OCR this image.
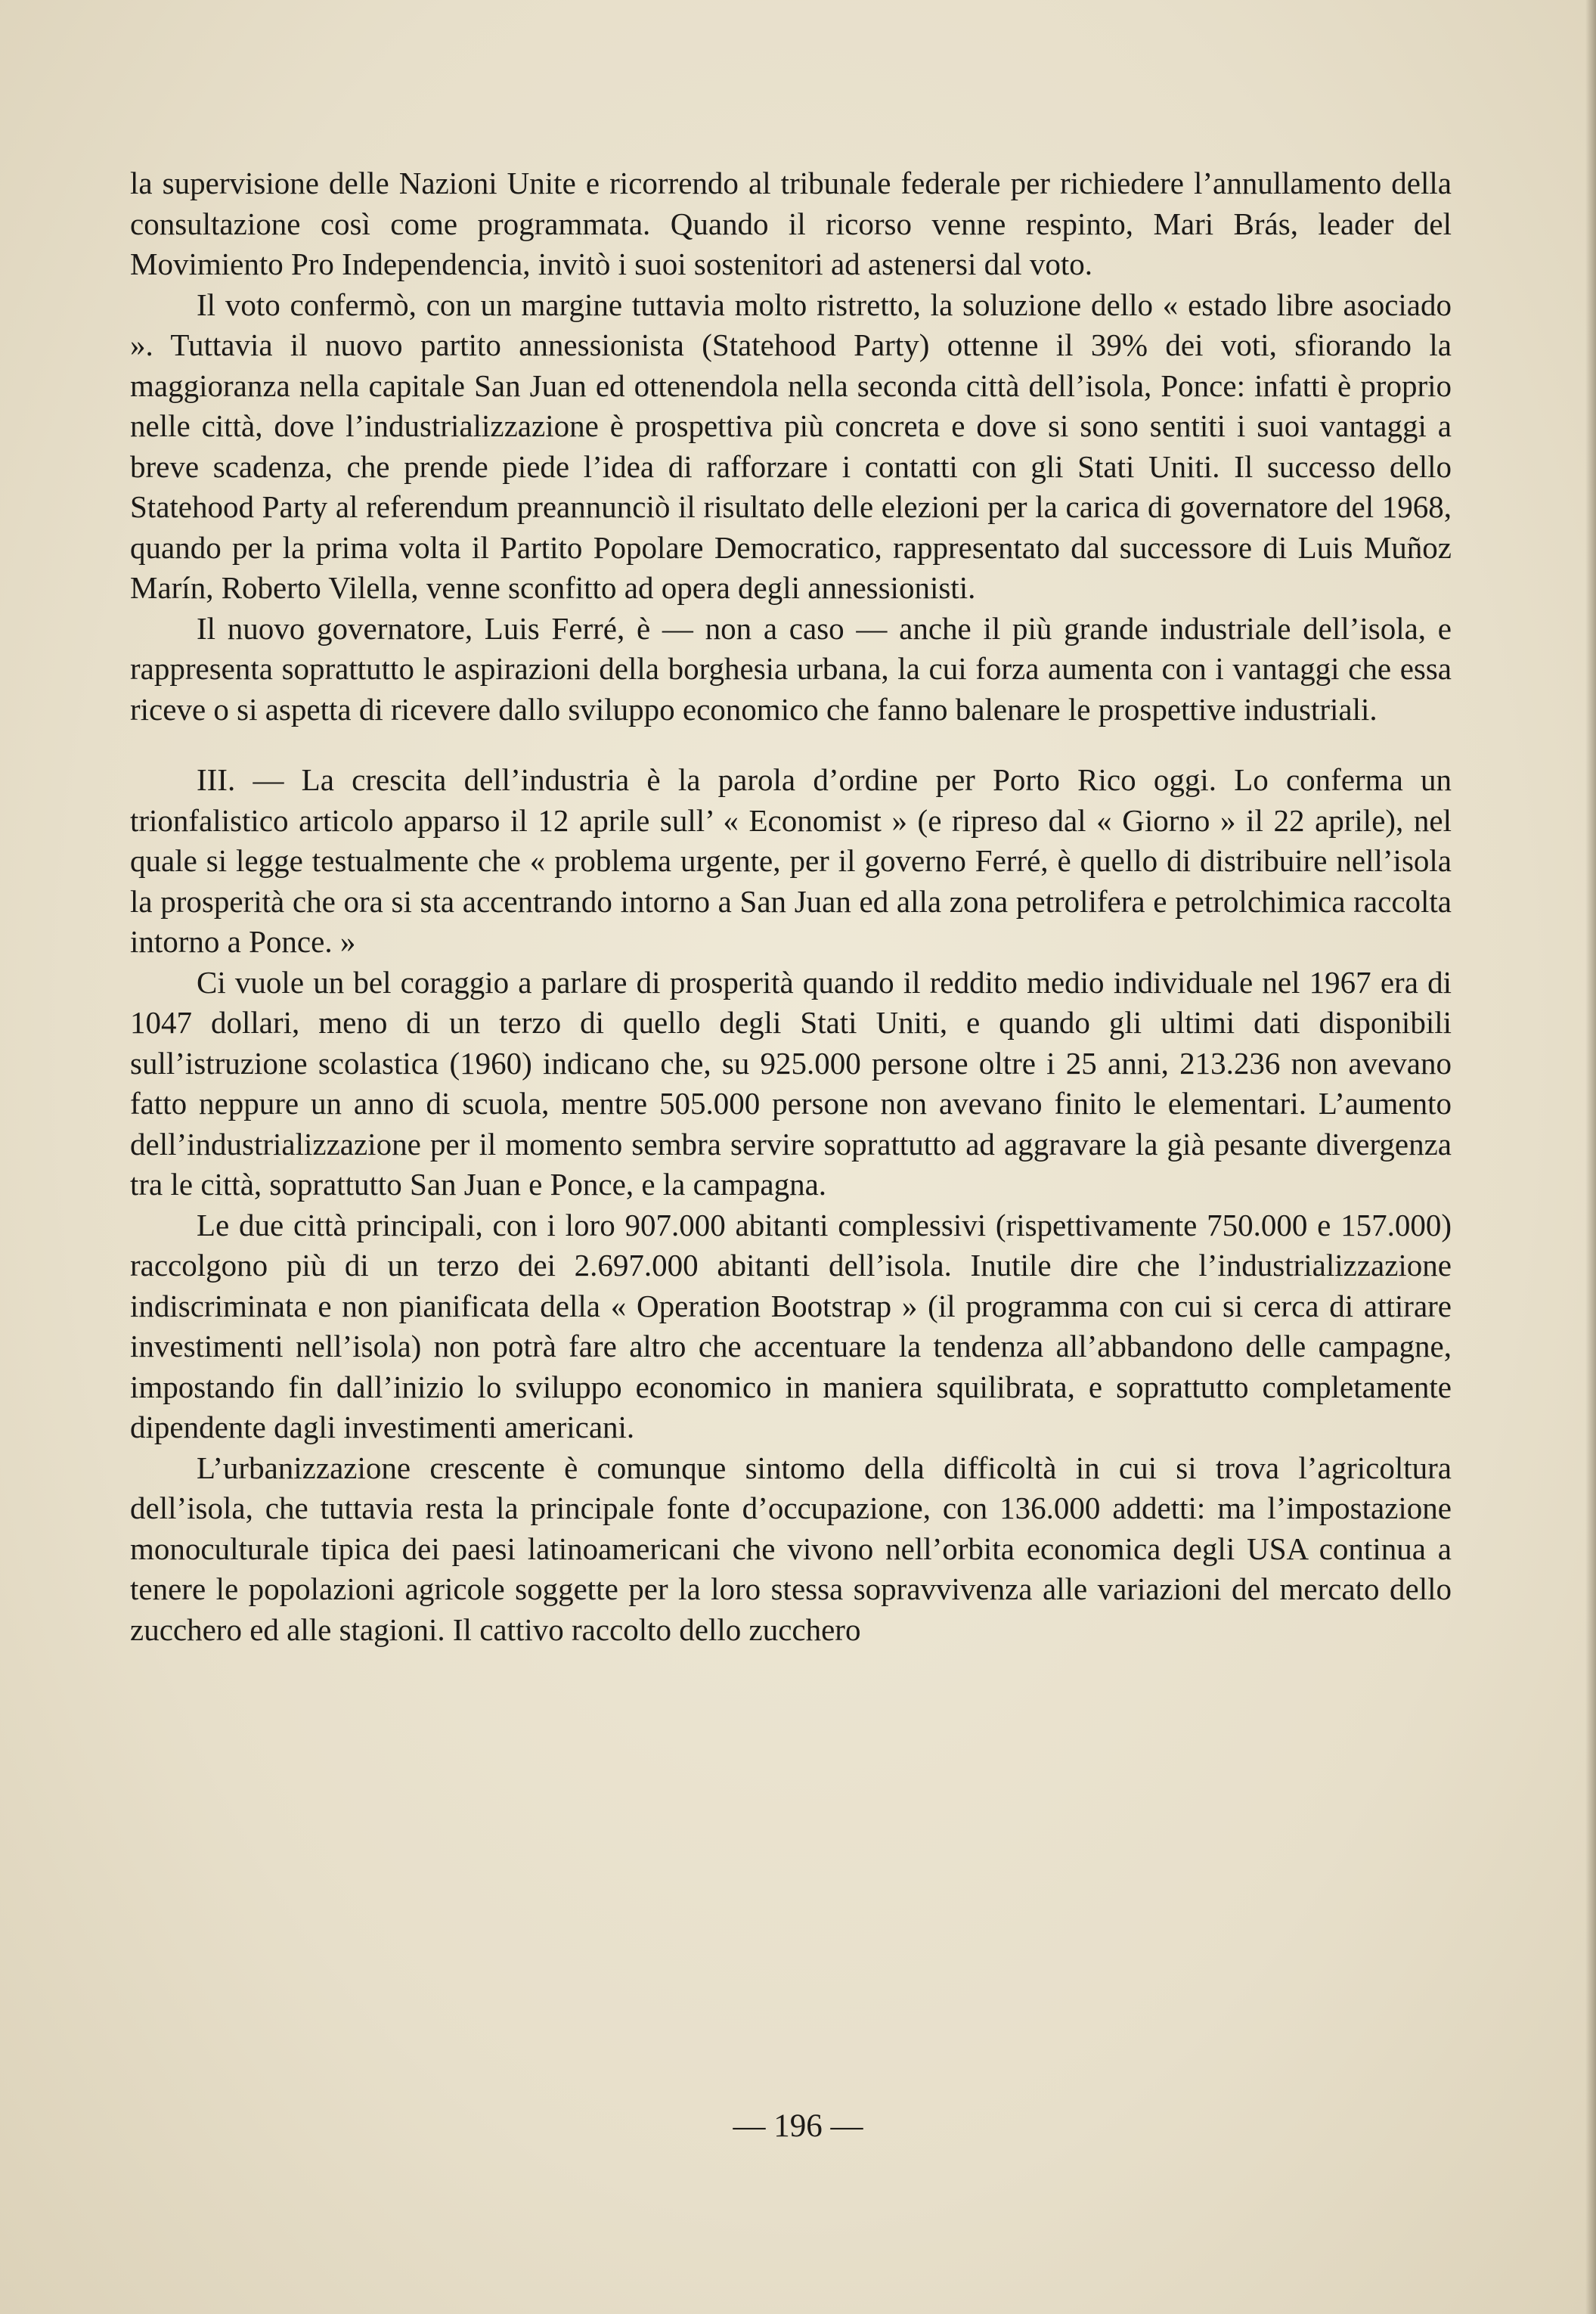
la supervisione delle Nazioni Unite e ricorrendo al tribunale federale per richiedere l’annullamento della consultazione così come programmata. Quando il ricorso venne respinto, Mari Brás, leader del Movimiento Pro Independencia, invitò i suoi sostenitori ad astenersi dal voto.

Il voto confermò, con un margine tuttavia molto ristretto, la soluzione dello « estado libre asociado ». Tuttavia il nuovo partito annessionista (Statehood Party) ottenne il 39% dei voti, sfiorando la maggioranza nella capitale San Juan ed ottenendola nella seconda città dell’isola, Ponce: infatti è proprio nelle città, dove l’industrializzazione è prospettiva più concreta e dove si sono sentiti i suoi vantaggi a breve scadenza, che prende piede l’idea di rafforzare i contatti con gli Stati Uniti. Il successo dello Statehood Party al referendum preannunciò il risultato delle elezioni per la carica di governatore del 1968, quando per la prima volta il Partito Popolare Democratico, rappresentato dal successore di Luis Muñoz Marín, Roberto Vilella, venne sconfitto ad opera degli annessionisti.

Il nuovo governatore, Luis Ferré, è — non a caso — anche il più grande industriale dell’isola, e rappresenta soprattutto le aspirazioni della borghesia urbana, la cui forza aumenta con i vantaggi che essa riceve o si aspetta di ricevere dallo sviluppo economico che fanno balenare le prospettive industriali.

III. — La crescita dell’industria è la parola d’ordine per Porto Rico oggi. Lo conferma un trionfalistico articolo apparso il 12 aprile sull’ « Economist » (e ripreso dal « Giorno » il 22 aprile), nel quale si legge testualmente che « problema urgente, per il governo Ferré, è quello di distribuire nell’isola la prosperità che ora si sta accentrando intorno a San Juan ed alla zona petrolifera e petrolchimica raccolta intorno a Ponce. »

Ci vuole un bel coraggio a parlare di prosperità quando il reddito medio individuale nel 1967 era di 1047 dollari, meno di un terzo di quello degli Stati Uniti, e quando gli ultimi dati disponibili sull’istruzione scolastica (1960) indicano che, su 925.000 persone oltre i 25 anni, 213.236 non avevano fatto neppure un anno di scuola, mentre 505.000 persone non avevano finito le elementari. L’aumento dell’industrializzazione per il momento sembra servire soprattutto ad aggravare la già pesante divergenza tra le città, soprattutto San Juan e Ponce, e la campagna.

Le due città principali, con i loro 907.000 abitanti complessivi (rispettivamente 750.000 e 157.000) raccolgono più di un terzo dei 2.697.000 abitanti dell’isola. Inutile dire che l’industrializzazione indiscriminata e non pianificata della « Operation Bootstrap » (il programma con cui si cerca di attirare investimenti nell’isola) non potrà fare altro che accentuare la tendenza all’abbandono delle campagne, impostando fin dall’inizio lo sviluppo economico in maniera squilibrata, e soprattutto completamente dipendente dagli investimenti americani.

L’urbanizzazione crescente è comunque sintomo della difficoltà in cui si trova l’agricoltura dell’isola, che tuttavia resta la principale fonte d’occupazione, con 136.000 addetti: ma l’impostazione monoculturale tipica dei paesi latinoamericani che vivono nell’orbita economica degli USA continua a tenere le popolazioni agricole soggette per la loro stessa sopravvivenza alle variazioni del mercato dello zucchero ed alle stagioni. Il cattivo raccolto dello zucchero

— 196 —
